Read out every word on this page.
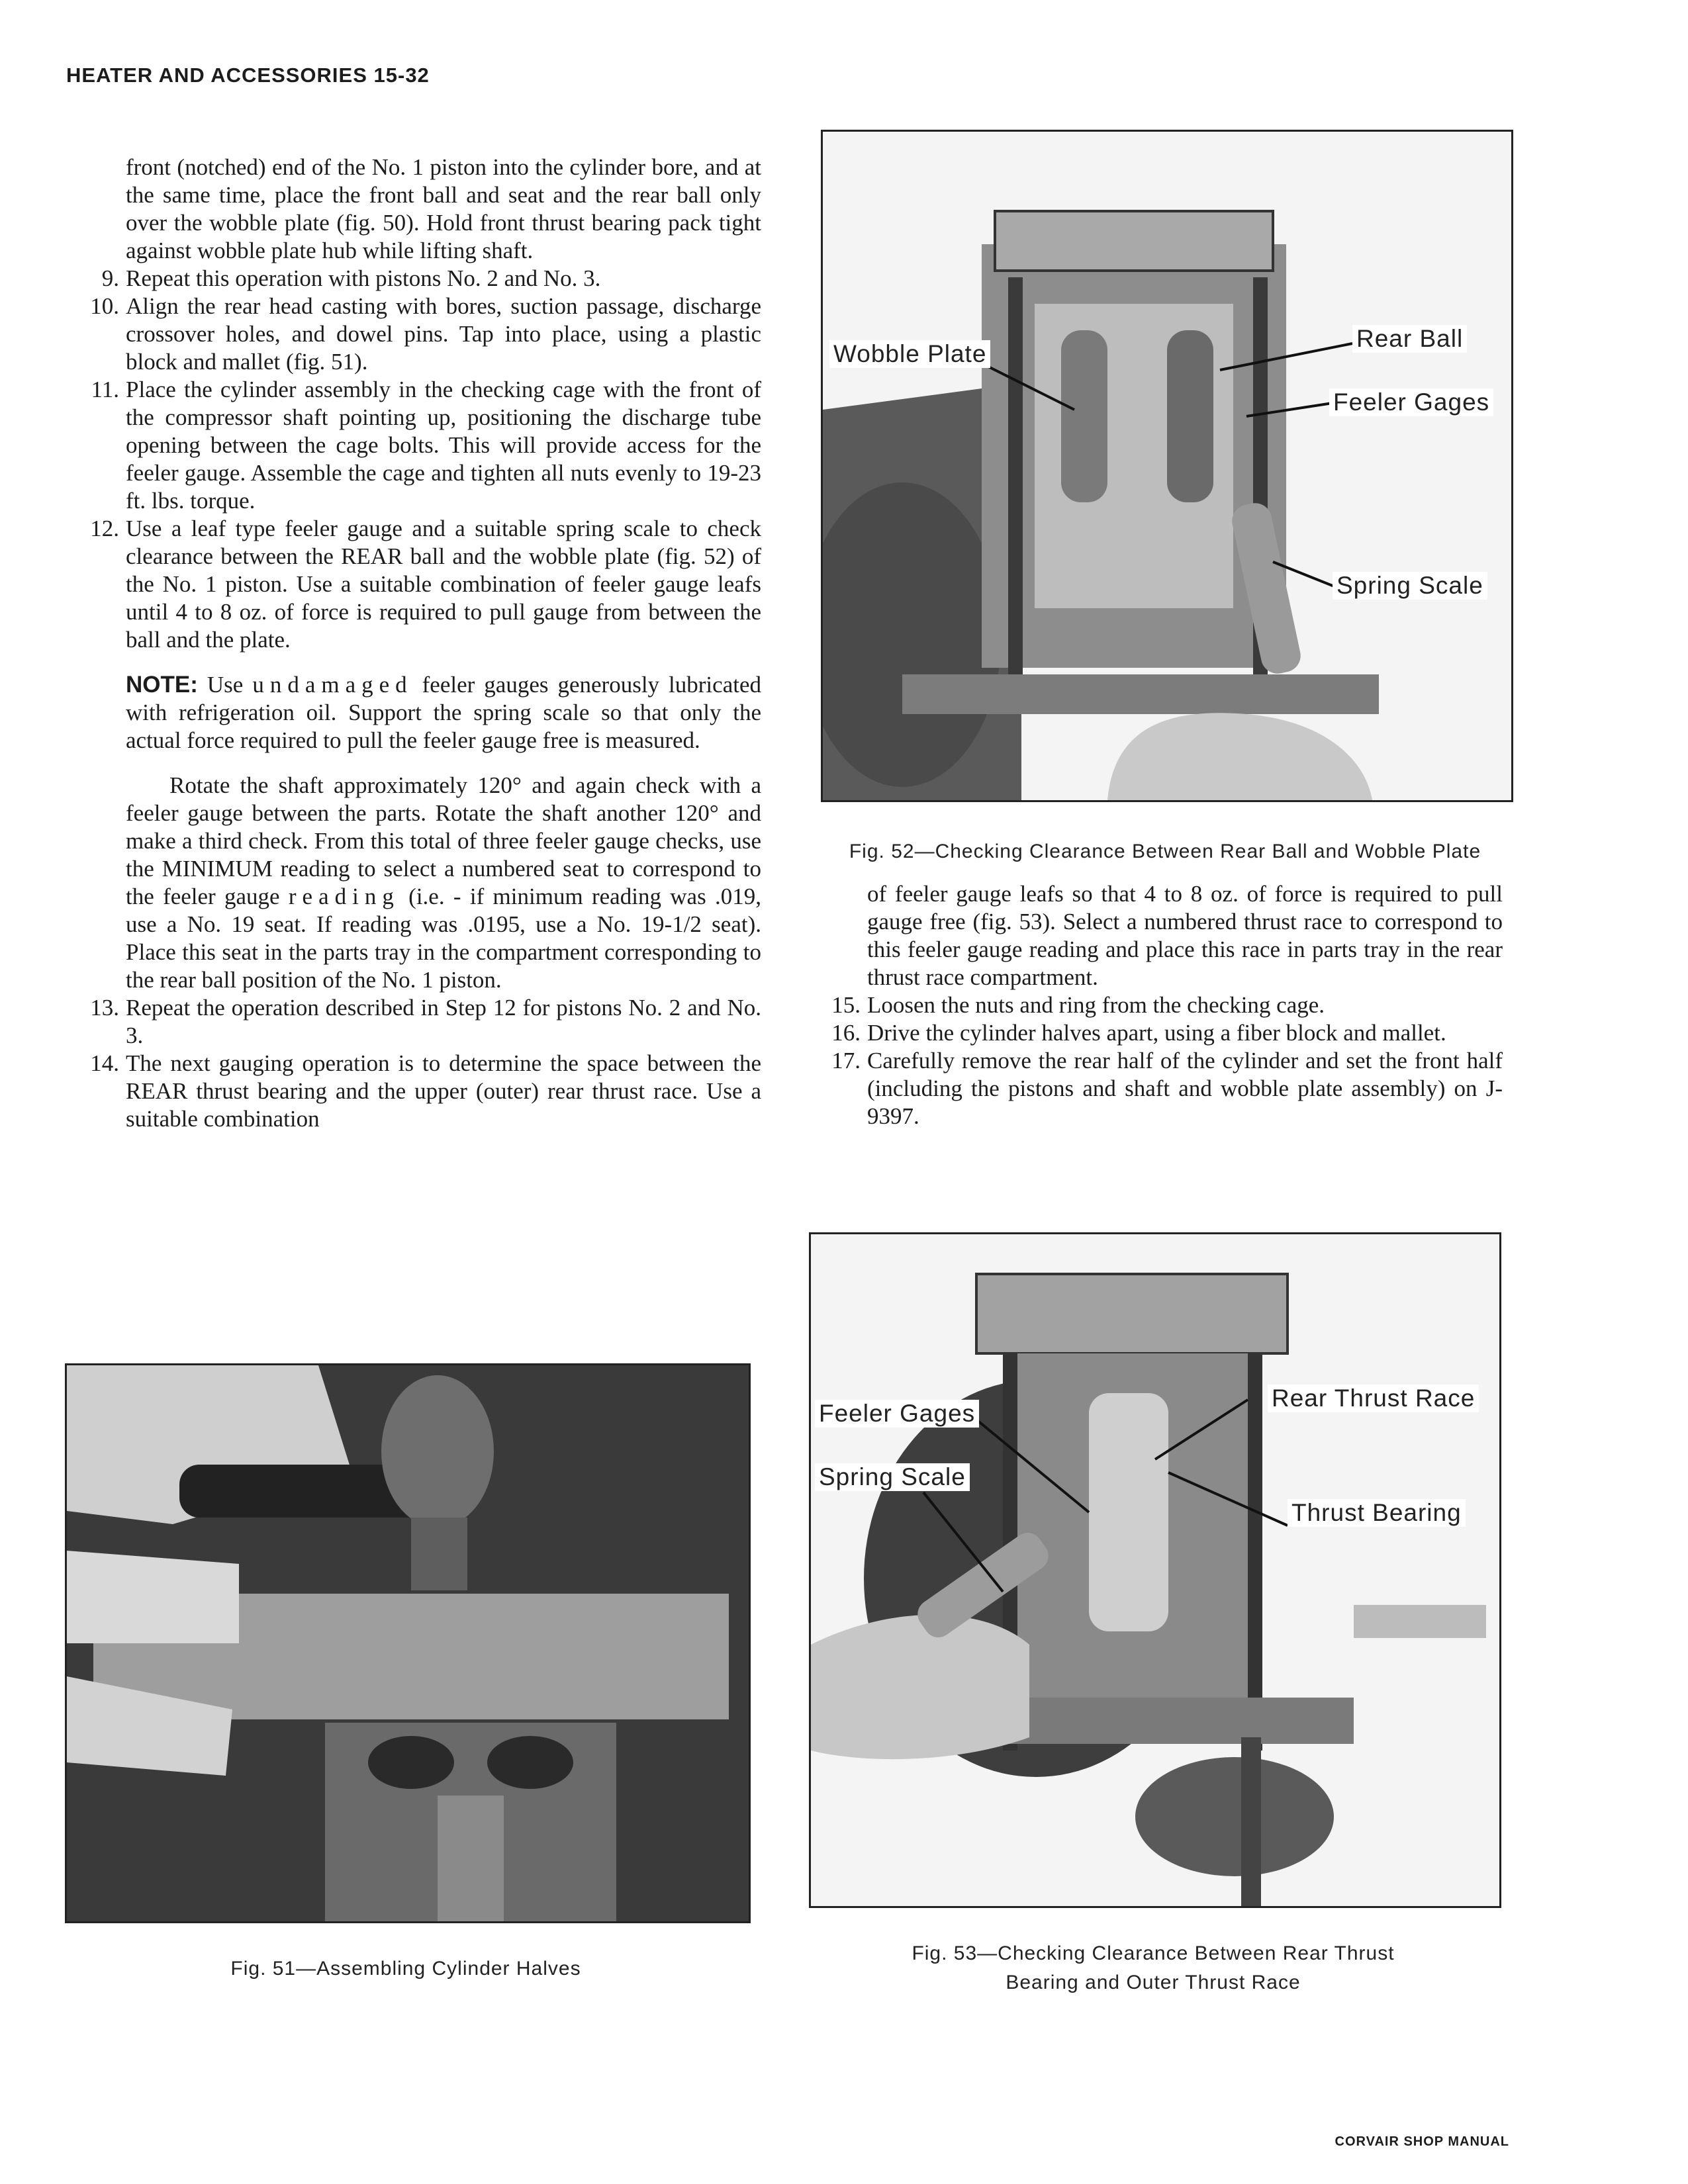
HEATER AND ACCESSORIES 15-32

front (notched) end of the No. 1 piston into the cylinder bore, and at the same time, place the front ball and seat and the rear ball only over the wobble plate (fig. 50). Hold front thrust bearing pack tight against wobble plate hub while lifting shaft.

9. Repeat this operation with pistons No. 2 and No. 3.
10. Align the rear head casting with bores, suction passage, discharge crossover holes, and dowel pins. Tap into place, using a plastic block and mallet (fig. 51).
11. Place the cylinder assembly in the checking cage with the front of the compressor shaft pointing up, positioning the discharge tube opening between the cage bolts. This will provide access for the feeler gauge. Assemble the cage and tighten all nuts evenly to 19-23 ft. lbs. torque.
12. Use a leaf type feeler gauge and a suitable spring scale to check clearance between the REAR ball and the wobble plate (fig. 52) of the No. 1 piston. Use a suitable combination of feeler gauge leafs until 4 to 8 oz. of force is required to pull gauge from between the ball and the plate.

NOTE: Use undamaged feeler gauges generously lubricated with refrigeration oil. Support the spring scale so that only the actual force required to pull the feeler gauge free is measured.

Rotate the shaft approximately 120° and again check with a feeler gauge between the parts. Rotate the shaft another 120° and make a third check. From this total of three feeler gauge checks, use the MINIMUM reading to select a numbered seat to correspond to the feeler gauge reading (i.e. - if minimum reading was .019, use a No. 19 seat. If reading was .0195, use a No. 19-1/2 seat). Place this seat in the parts tray in the compartment corresponding to the rear ball position of the No. 1 piston.

13. Repeat the operation described in Step 12 for pistons No. 2 and No. 3.
14. The next gauging operation is to determine the space between the REAR thrust bearing and the upper (outer) rear thrust race. Use a suitable combination
Wobble Plate
Rear Ball
Feeler Gages
Spring Scale
Fig. 52—Checking Clearance Between Rear Ball and Wobble Plate

of feeler gauge leafs so that 4 to 8 oz. of force is required to pull gauge free (fig. 53). Select a numbered thrust race to correspond to this feeler gauge reading and place this race in parts tray in the rear thrust race compartment.

15. Loosen the nuts and ring from the checking cage.
16. Drive the cylinder halves apart, using a fiber block and mallet.
17. Carefully remove the rear half of the cylinder and set the front half (including the pistons and shaft and wobble plate assembly) on J-9397.
Fig. 51—Assembling Cylinder Halves
Feeler Gages
Spring Scale
Rear Thrust Race
Thrust Bearing
Fig. 53—Checking Clearance Between Rear Thrust
Bearing and Outer Thrust Race
CORVAIR SHOP MANUAL
